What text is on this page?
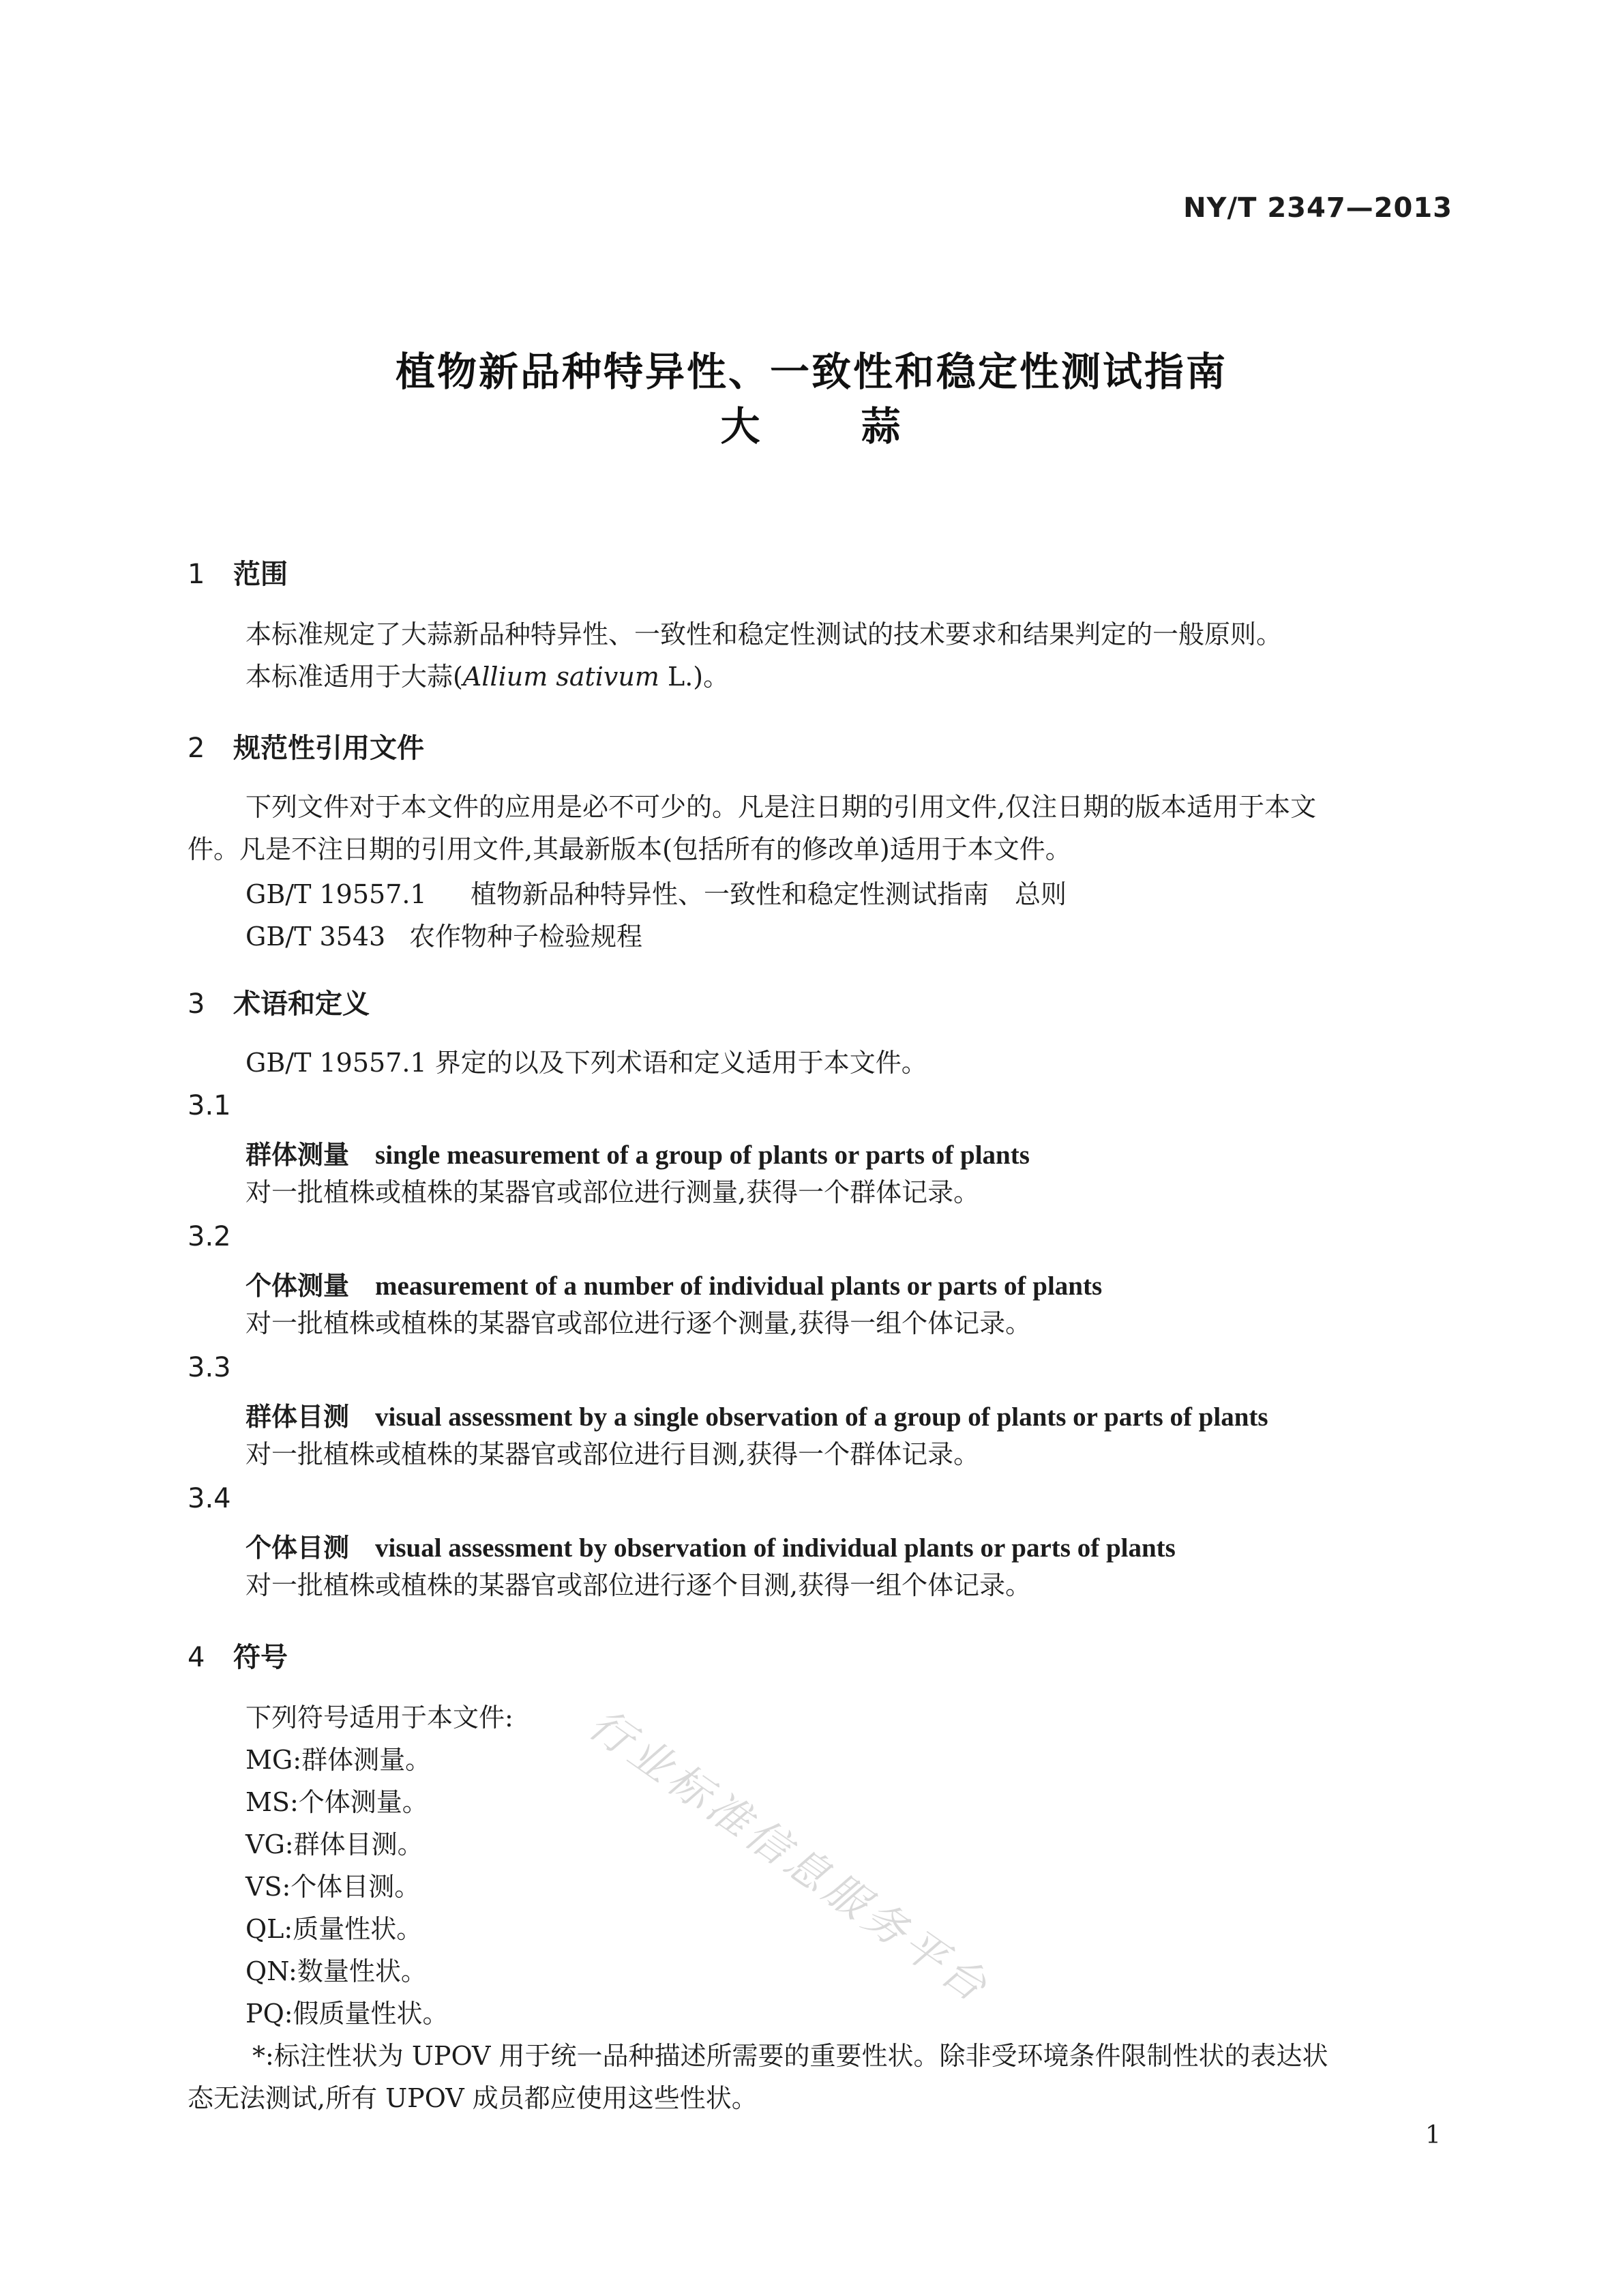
NY/T 2347—2013
植物新品种特异性、一致性和稳定性测试指南
大	蒜
1 范围
本标准规定了大蒜新品种特异性、一致性和稳定性测试的技术要求和结果判定的一般原则。
本标准适用于大蒜(Allium sativum L.)。
2 规范性引用文件
下列文件对于本文件的应用是必不可少的。凡是注日期的引用文件,仅注日期的版本适用于本文
件。凡是不注日期的引用文件,其最新版本(包括所有的修改单)适用于本文件。
GB/T 19557.1 植物新品种特异性、一致性和稳定性测试指南　总则
GB/T 3543 农作物种子检验规程
3 术语和定义
GB/T 19557.1 界定的以及下列术语和定义适用于本文件。
3.1
群体测量 single measurement of a group of plants or parts of plants
对一批植株或植株的某器官或部位进行测量,获得一个群体记录。
3.2
个体测量 measurement of a number of individual plants or parts of plants
对一批植株或植株的某器官或部位进行逐个测量,获得一组个体记录。
3.3
群体目测 visual assessment by a single observation of a group of plants or parts of plants
对一批植株或植株的某器官或部位进行目测,获得一个群体记录。
3.4
个体目测 visual assessment by observation of individual plants or parts of plants
对一批植株或植株的某器官或部位进行逐个目测,获得一组个体记录。
4 符号
下列符号适用于本文件:
MG:群体测量。
MS:个体测量。
VG:群体目测。
VS:个体目测。
QL:质量性状。
QN:数量性状。
PQ:假质量性状。
*:标注性状为 UPOV 用于统一品种描述所需要的重要性状。除非受环境条件限制性状的表达状
态无法测试,所有 UPOV 成员都应使用这些性状。
行业标准信息服务平台
1
